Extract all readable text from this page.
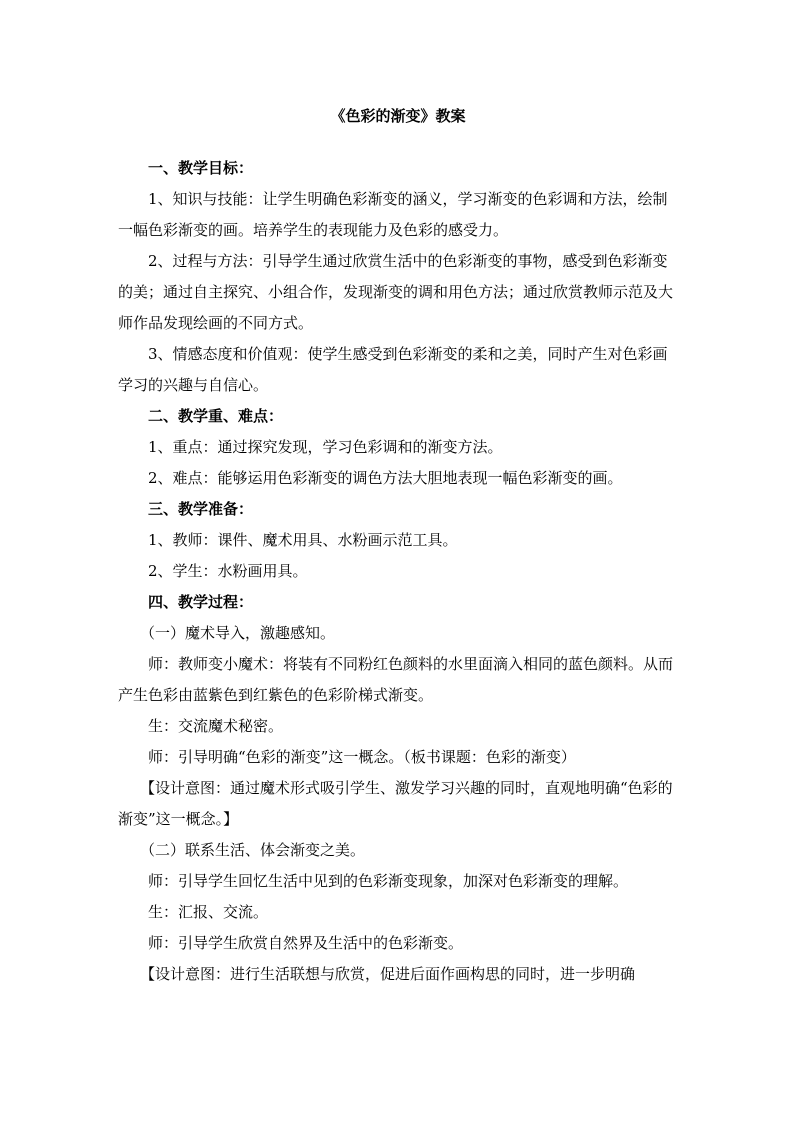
《色彩的渐变》教案

一、教学目标：

1、知识与技能：让学生明确色彩渐变的涵义，学习渐变的色彩调和方法，绘制一幅色彩渐变的画。培养学生的表现能力及色彩的感受力。

2、过程与方法：引导学生通过欣赏生活中的色彩渐变的事物，感受到色彩渐变的美；通过自主探究、小组合作，发现渐变的调和用色方法；通过欣赏教师示范及大师作品发现绘画的不同方式。

3、情感态度和价值观：使学生感受到色彩渐变的柔和之美，同时产生对色彩画学习的兴趣与自信心。

二、教学重、难点：

1、重点：通过探究发现，学习色彩调和的渐变方法。

2、难点：能够运用色彩渐变的调色方法大胆地表现一幅色彩渐变的画。

三、教学准备：

1、教师：课件、魔术用具、水粉画示范工具。

2、学生：水粉画用具。

四、教学过程：

（一）魔术导入，激趣感知。

师：教师变小魔术：将装有不同粉红色颜料的水里面滴入相同的蓝色颜料。从而产生色彩由蓝紫色到红紫色的色彩阶梯式渐变。

生：交流魔术秘密。

师：引导明确“色彩的渐变”这一概念。（板书课题：色彩的渐变）

【设计意图：通过魔术形式吸引学生、激发学习兴趣的同时，直观地明确“色彩的渐变”这一概念。】

（二）联系生活、体会渐变之美。

师：引导学生回忆生活中见到的色彩渐变现象，加深对色彩渐变的理解。

生：汇报、交流。

师：引导学生欣赏自然界及生活中的色彩渐变。

【设计意图：进行生活联想与欣赏，促进后面作画构思的同时，进一步明确
